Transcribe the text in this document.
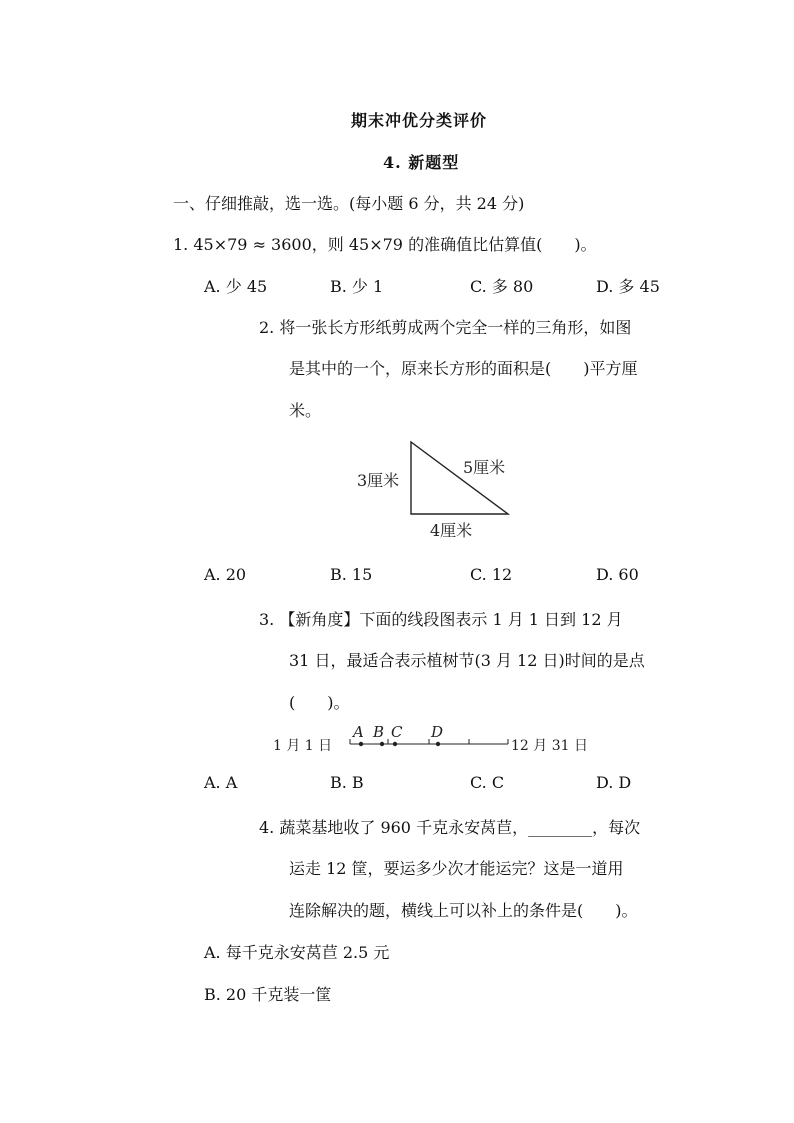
期末冲优分类评价
4. 新题型
一、仔细推敲，选一选。(每小题 6 分，共 24 分)
1. 45×79 ≈ 3600，则 45×79 的准确值比估算值(　　)。
A. 少 45	B. 少 1	C. 多 80	D. 多 45
2. 将一张长方形纸剪成两个完全一样的三角形，如图
是其中的一个，原来长方形的面积是(　　)平方厘
米。
3厘米
5厘米
4厘米
A. 20	B. 15	C. 12	D. 60
3. 【新角度】下面的线段图表示 1 月 1 日到 12 月
31 日，最适合表示植树节(3 月 12 日)时间的是点
(　　)。
1 月 1 日
A B C D
12 月 31 日
A. A	B. B	C. C	D. D
4. 蔬菜基地收了 960 千克永安莴苣，________，每次
运走 12 筐，要运多少次才能运完？这是一道用
连除解决的题，横线上可以补上的条件是(　　)。
A. 每千克永安莴苣 2.5 元
B. 20 千克装一筐
